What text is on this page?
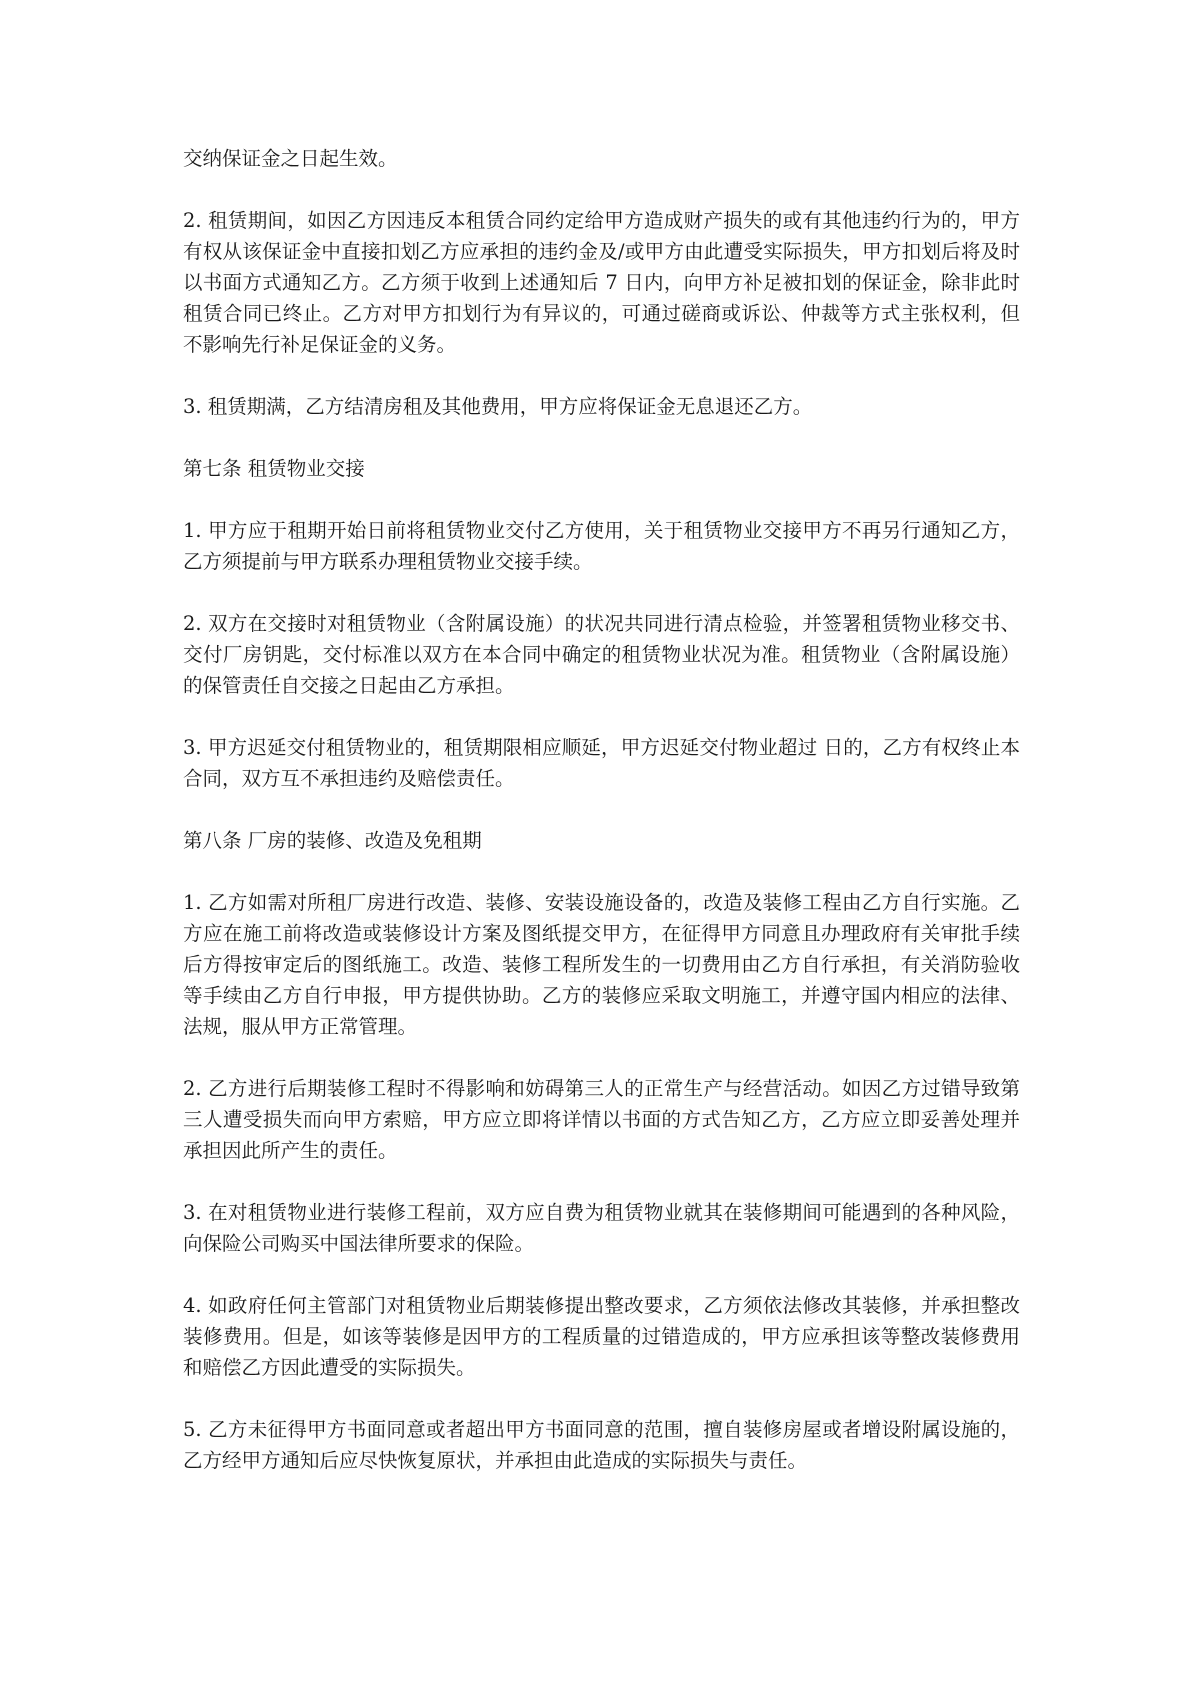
交纳保证金之日起生效。

2. 租赁期间，如因乙方因违反本租赁合同约定给甲方造成财产损失的或有其他违约行为的，甲方有权从该保证金中直接扣划乙方应承担的违约金及/或甲方由此遭受实际损失，甲方扣划后将及时以书面方式通知乙方。乙方须于收到上述通知后 7 日内，向甲方补足被扣划的保证金，除非此时租赁合同已终止。乙方对甲方扣划行为有异议的，可通过磋商或诉讼、仲裁等方式主张权利，但不影响先行补足保证金的义务。

3. 租赁期满，乙方结清房租及其他费用，甲方应将保证金无息退还乙方。

第七条 租赁物业交接

1. 甲方应于租期开始日前将租赁物业交付乙方使用，关于租赁物业交接甲方不再另行通知乙方，乙方须提前与甲方联系办理租赁物业交接手续。

2. 双方在交接时对租赁物业（含附属设施）的状况共同进行清点检验，并签署租赁物业移交书、交付厂房钥匙，交付标准以双方在本合同中确定的租赁物业状况为准。租赁物业（含附属设施）的保管责任自交接之日起由乙方承担。

3. 甲方迟延交付租赁物业的，租赁期限相应顺延，甲方迟延交付物业超过 日的，乙方有权终止本合同，双方互不承担违约及赔偿责任。

第八条 厂房的装修、改造及免租期

1. 乙方如需对所租厂房进行改造、装修、安装设施设备的，改造及装修工程由乙方自行实施。乙方应在施工前将改造或装修设计方案及图纸提交甲方，在征得甲方同意且办理政府有关审批手续后方得按审定后的图纸施工。改造、装修工程所发生的一切费用由乙方自行承担，有关消防验收等手续由乙方自行申报，甲方提供协助。乙方的装修应采取文明施工，并遵守国内相应的法律、法规，服从甲方正常管理。

2. 乙方进行后期装修工程时不得影响和妨碍第三人的正常生产与经营活动。如因乙方过错导致第三人遭受损失而向甲方索赔，甲方应立即将详情以书面的方式告知乙方，乙方应立即妥善处理并承担因此所产生的责任。

3. 在对租赁物业进行装修工程前，双方应自费为租赁物业就其在装修期间可能遇到的各种风险，向保险公司购买中国法律所要求的保险。

4. 如政府任何主管部门对租赁物业后期装修提出整改要求，乙方须依法修改其装修，并承担整改装修费用。但是，如该等装修是因甲方的工程质量的过错造成的，甲方应承担该等整改装修费用和赔偿乙方因此遭受的实际损失。

5. 乙方未征得甲方书面同意或者超出甲方书面同意的范围，擅自装修房屋或者增设附属设施的，乙方经甲方通知后应尽快恢复原状，并承担由此造成的实际损失与责任。
